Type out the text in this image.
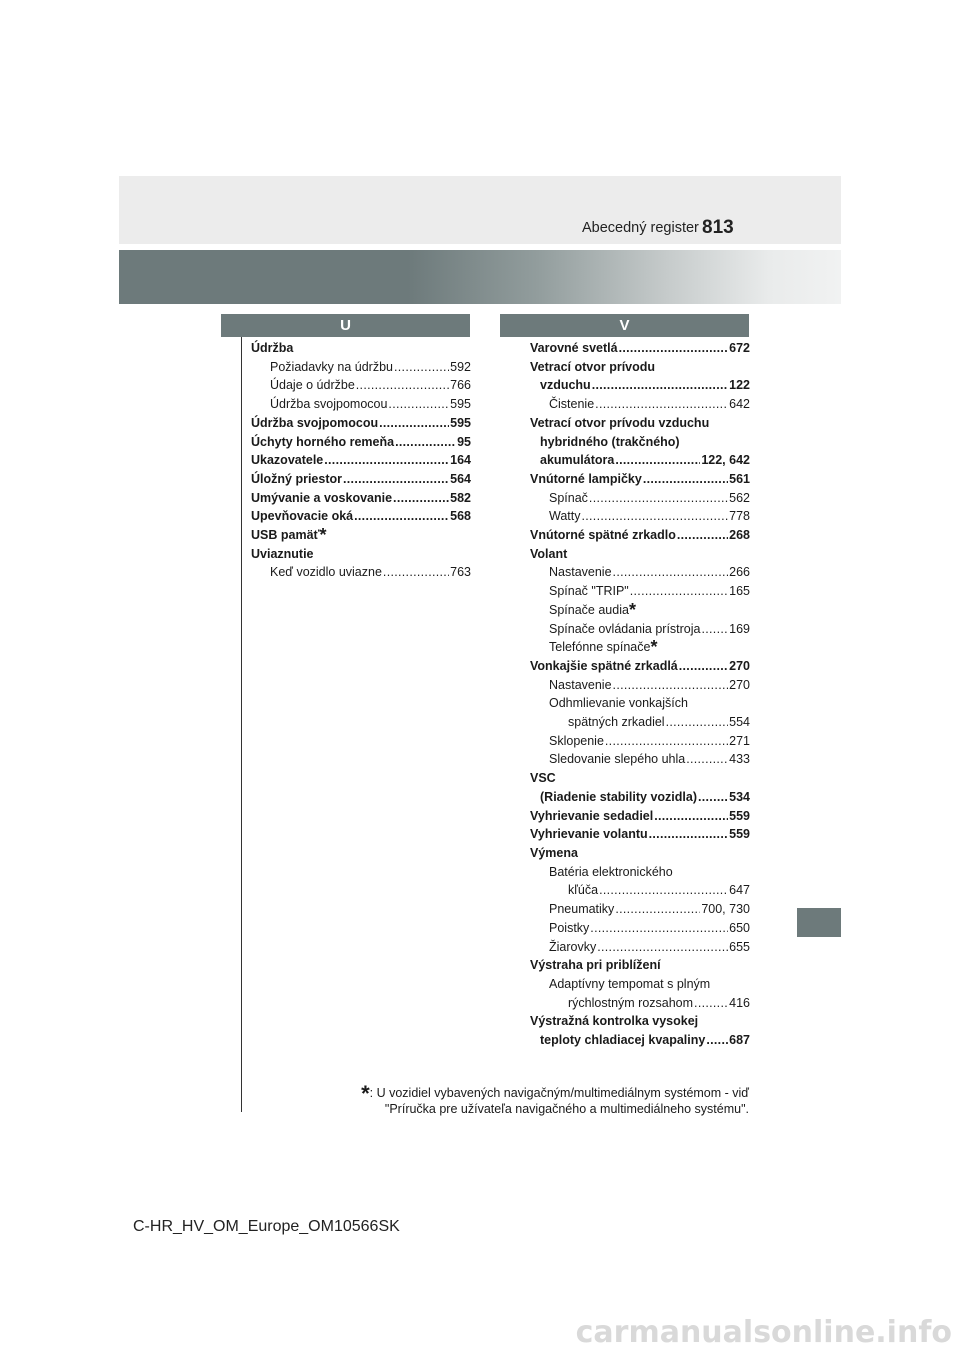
Abecedný register 813
U	V
Údržba
Požiadavky na údržbu .....	592
Údaje o údržbe .....	766
Údržba svojpomocou .....	595
Údržba svojpomocou .....	595
Úchyty horného remeňa .....	95
Ukazovatele .....	164
Úložný priestor .....	564
Umývanie a voskovanie .....	582
Upevňovacie oká .....	568
USB pamäť*
Uviaznutie
Keď vozidlo uviazne .....	763
Varovné svetlá .....	672
Vetrací otvor prívodu
vzduchu .....	122
Čistenie .....	642
Vetrací otvor prívodu vzduchu
hybridného (trakčného)
akumulátora .....	122, 642
Vnútorné lampičky .....	561
Spínač .....	562
Watty .....	778
Vnútorné spätné zrkadlo .....	268
Volant
Nastavenie .....	266
Spínač "TRIP" .....	165
Spínače audia*
Spínače ovládania prístroja ..... 169
Telefónne spínače*
Vonkajšie spätné zrkadlá .....	270
Nastavenie .....	270
Odhmlievanie vonkajších
spätných zrkadiel .....	554
Sklopenie .....	271
Sledovanie slepého uhla .....	433
VSC
(Riadenie stability vozidla) .....	534
Vyhrievanie sedadiel .....	559
Vyhrievanie volantu .....	559
Výmena
Batéria elektronického
kľúča .....	647
Pneumatiky .....	700, 730
Poistky .....	650
Žiarovky .....	655
Výstraha pri priblížení
Adaptívny tempomat s plným
rýchlostným rozsahom .....	416
Výstražná kontrolka vysokej
teploty chladiacej kvapaliny ..... 687
*: U vozidiel vybavených navigačným/multimediálnym systémom - viď
"Príručka pre užívateľa navigačného a multimediálneho systému".
C-HR_HV_OM_Europe_OM10566SK
carmanualsonline.info
